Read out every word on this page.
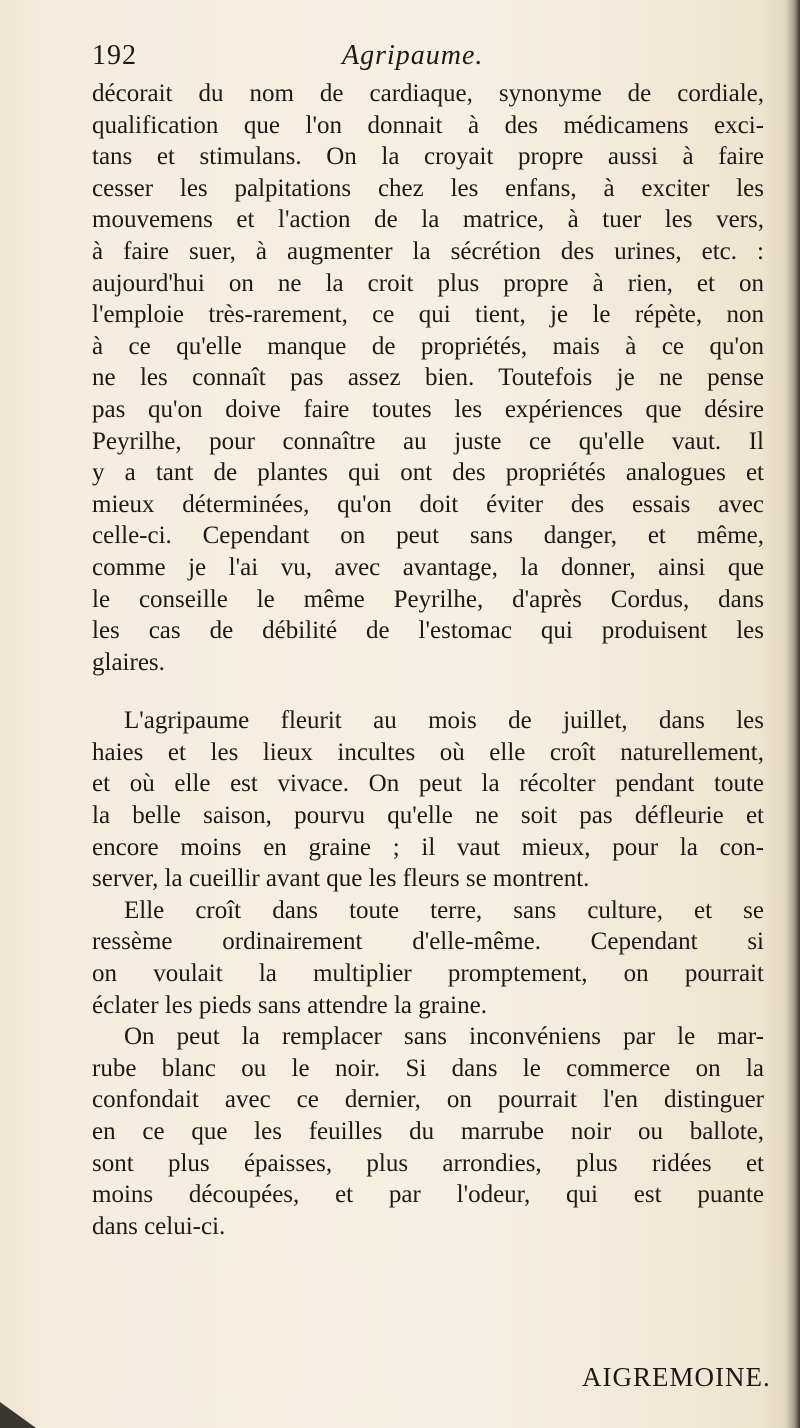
192	Agripaume.
décorait du nom de cardiaque, synonyme de cordiale,
qualification que l'on donnait à des médicamens exci-
tans et stimulans. On la croyait propre aussi à faire
cesser les palpitations chez les enfans, à exciter les
mouvemens et l'action de la matrice, à tuer les vers,
à faire suer, à augmenter la sécrétion des urines, etc. :
aujourd'hui on ne la croit plus propre à rien, et on
l'emploie très-rarement, ce qui tient, je le répète, non
à ce qu'elle manque de propriétés, mais à ce qu'on
ne les connaît pas assez bien. Toutefois je ne pense
pas qu'on doive faire toutes les expériences que désire
Peyrilhe, pour connaître au juste ce qu'elle vaut. Il
y a tant de plantes qui ont des propriétés analogues et
mieux déterminées, qu'on doit éviter des essais avec
celle-ci. Cependant on peut sans danger, et même,
comme je l'ai vu, avec avantage, la donner, ainsi que
le conseille le même Peyrilhe, d'après Cordus, dans
les cas de débilité de l'estomac qui produisent les
glaires.
L'agripaume fleurit au mois de juillet, dans les
haies et les lieux incultes où elle croît naturellement,
et où elle est vivace. On peut la récolter pendant toute
la belle saison, pourvu qu'elle ne soit pas défleurie et
encore moins en graine ; il vaut mieux, pour la con-
server, la cueillir avant que les fleurs se montrent.
Elle croît dans toute terre, sans culture, et se
ressème ordinairement d'elle-même. Cependant si
on voulait la multiplier promptement, on pourrait
éclater les pieds sans attendre la graine.
On peut la remplacer sans inconvéniens par le mar-
rube blanc ou le noir. Si dans le commerce on la
confondait avec ce dernier, on pourrait l'en distinguer
en ce que les feuilles du marrube noir ou ballote,
sont plus épaisses, plus arrondies, plus ridées et
moins découpées, et par l'odeur, qui est puante
dans celui-ci.
AIGREMOINE.
